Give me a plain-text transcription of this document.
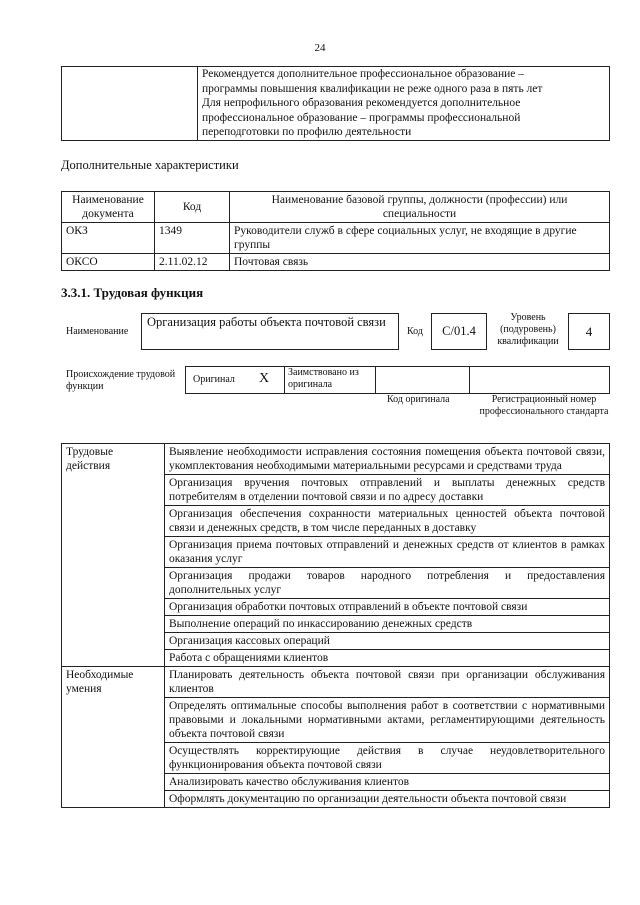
24

Рекомендуется дополнительное профессиональное образование –
программы повышения квалификации не реже одного раза в пять лет
Для непрофильного образования рекомендуется дополнительное
профессиональное образование – программы профессиональной
переподготовки по профилю деятельности
Дополнительные характеристики
Наименование документа	Код	Наименование базовой группы, должности (профессии) или специальности
ОКЗ	1349	Руководители служб в сфере социальных услуг, не входящие в другие группы
ОКСО	2.11.02.12	Почтовая связь
3.3.1. Трудовая функция
Наименование
Организация работы объекта почтовой связи
Код	C/01.4
Уровень (подуровень) квалификации
4
Происхождение трудовой функции
Оригинал X Заимствовано из оригинала
Код оригинала	Регистрационный номер профессионального стандарта
Трудовые действия	Выявление необходимости исправления состояния помещения объекта почтовой связи, укомплектования необходимыми материальными ресурсами и средствами труда
	Организация вручения почтовых отправлений и выплаты денежных средств потребителям в отделении почтовой связи и по адресу доставки
	Организация обеспечения сохранности материальных ценностей объекта почтовой связи и денежных средств, в том числе переданных в доставку
	Организация приема почтовых отправлений и денежных средств от клиентов в рамках оказания услуг
	Организация продажи товаров народного потребления и предоставления дополнительных услуг
	Организация обработки почтовых отправлений в объекте почтовой связи
	Выполнение операций по инкассированию денежных средств
	Организация кассовых операций
	Работа с обращениями клиентов
Необходимые умения	Планировать деятельность объекта почтовой связи при организации обслуживания клиентов
	Определять оптимальные способы выполнения работ в соответствии с нормативными правовыми и локальными нормативными актами, регламентирующими деятельность объекта почтовой связи
	Осуществлять корректирующие действия в случае неудовлетворительного функционирования объекта почтовой связи
	Анализировать качество обслуживания клиентов
	Оформлять документацию по организации деятельности объекта почтовой связи
